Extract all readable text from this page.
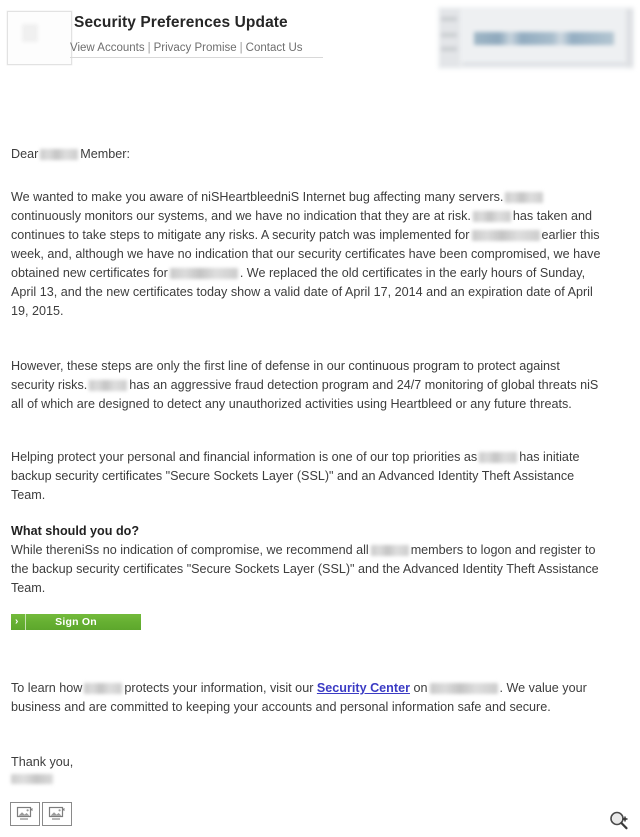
Security Preferences Update
View Accounts | Privacy Promise | Contact Us
Dear	Member:
We wanted to make you aware of niSHeartbleedniS Internet bug affecting many servers.continuously monitors our systems, and we have no indication that they are at risk.	has taken and continues to take steps to mitigate any risks. A security patch was implemented for	earlier this week, and, although we have no indication that our security certificates have been compromised, we have obtained new certificates for	. We replaced the old certificates in the early hours of Sunday, April 13, and the new certificates today show a valid date of April 17, 2014 and an expiration date of April 19, 2015.
However, these steps are only the first line of defense in our continuous program to protect against security risks.	has an aggressive fraud detection program and 24/7 monitoring of global threats niS all of which are designed to detect any unauthorized activities using Heartbleed or any future threats.
Helping protect your personal and financial information is one of our top priorities as	has initiate backup security certificates "Secure Sockets Layer (SSL)" and an Advanced Identity Theft Assistance Team.
What should you do?
While thereniSs no indication of compromise, we recommend all	members to logon and register to the backup security certificates "Secure Sockets Layer (SSL)" and the Advanced Identity Theft Assistance Team.
Sign On
›
To learn how	protects your information, visit our Security Center on	. We value your business and are committed to keeping your accounts and personal information safe and secure.
Thank you,
